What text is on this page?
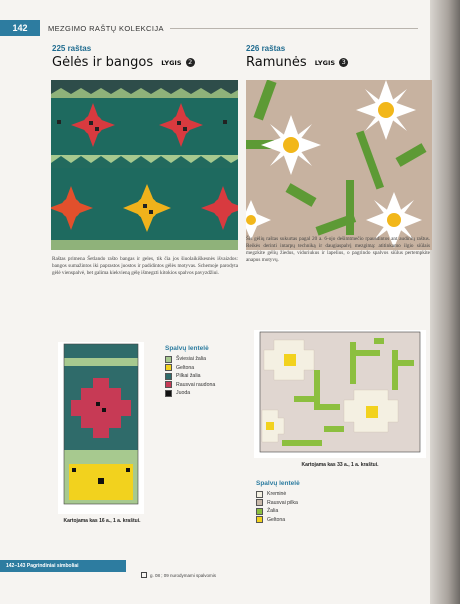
142	MEZGIMO RAŠTŲ KOLEKCIJA
225 raštas
Gėlės ir bangos LYGIS 2
Raštas primena Šetlando rašto bangas ir geles, tik čia jos šiuolaikiškesnės išvaizdos: bangos sumažintos iki paprastos juostos ir padidintos gėlės motyvas. Schemoje parodyta gėlė vienspalvė, bet galima kiekvieną gėlę išmegzti kitokios spalvos pavyzdžiui.
Kartojama kas 16 a., 1 a. kraštui.
Spalvų lentelė
Šviesiai žalia
Geltona
Pilkai žalia
Rausvai raudona
Juoda
226 raštas
Ramunės LYGIS 3
Šis gėlių raštas sukurtas pagal 20 a. 6-ojo dešimtmečio rpausdintos ant audinių raštus. Reikės derinti intarpų techniką ir daugiaspalvį mezgimą: atitinkamo ilgio siūlais megzkite gėlių žiedus, viduriukus ir lapelius, o pagrindo spalvos siūlus pertempkite anapus motyvų.
Kartojama kas 33 a., 1 a. kraštui.
Spalvų lentelė
Kreminė
Rausvai pilka
Žalia
Geltona
142–143 Pagrindiniai simboliai
g. 08 ; 09 nurodymami spalvomis
